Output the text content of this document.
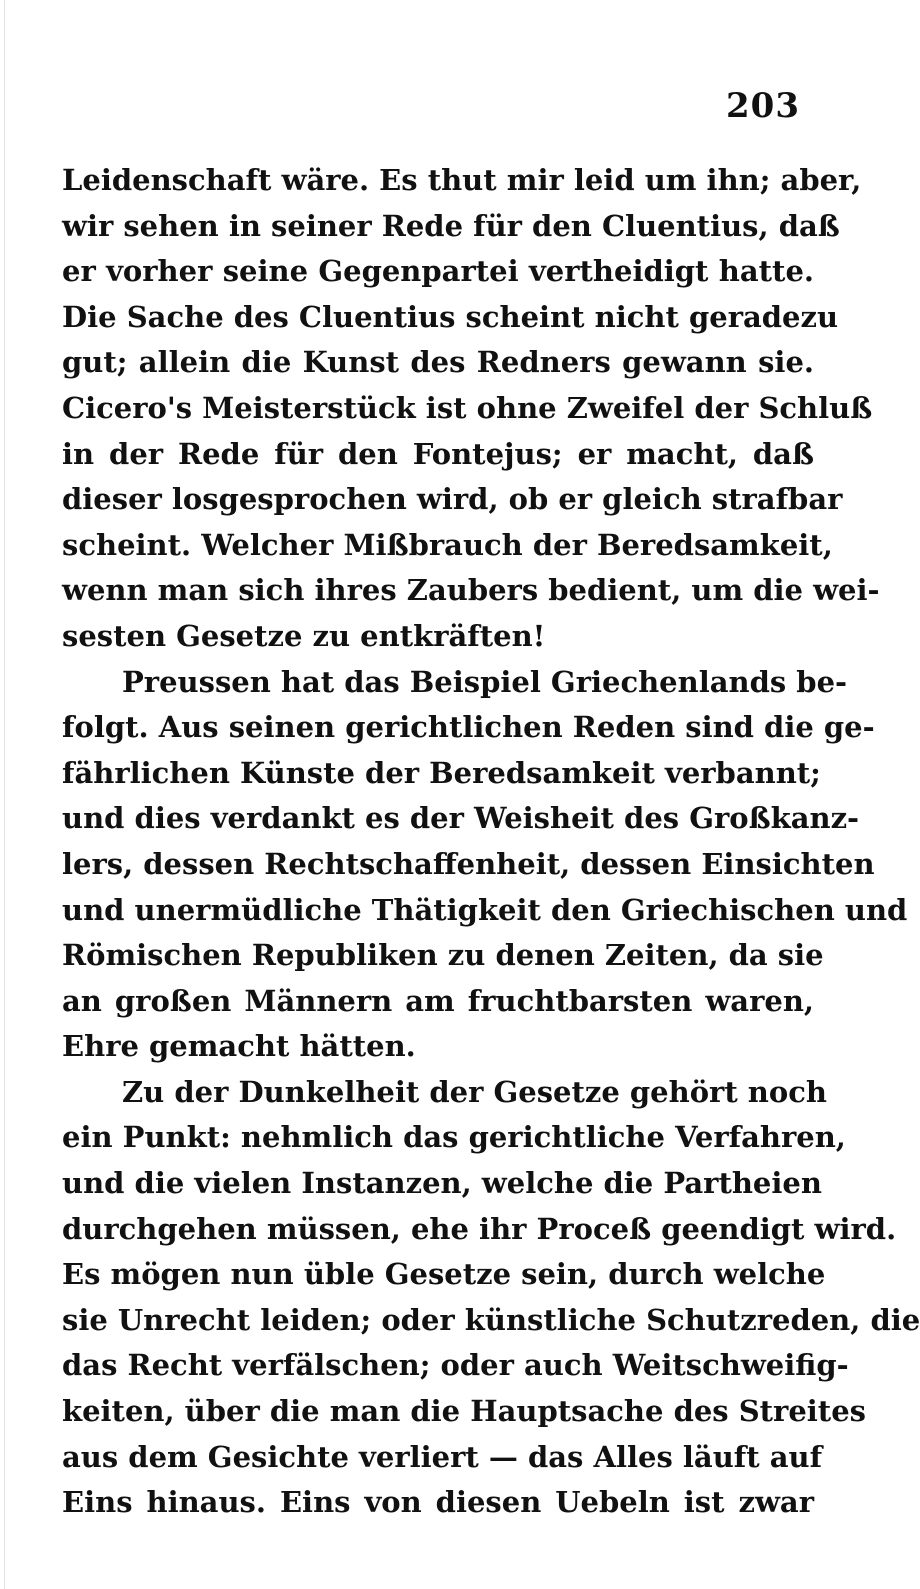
203
Leidenschaft wäre. Es thut mir leid um ihn; aber,
wir sehen in seiner Rede für den Cluentius, daß
er vorher seine Gegenpartei vertheidigt hatte.
Die Sache des Cluentius scheint nicht geradezu
gut; allein die Kunst des Redners gewann sie.
Cicero's Meisterstück ist ohne Zweifel der Schluß
in der Rede für den Fontejus; er macht, daß
dieser losgesprochen wird, ob er gleich strafbar
scheint. Welcher Mißbrauch der Beredsamkeit,
wenn man sich ihres Zaubers bedient, um die wei-
sesten Gesetze zu entkräften!
Preussen hat das Beispiel Griechenlands be-
folgt. Aus seinen gerichtlichen Reden sind die ge-
fährlichen Künste der Beredsamkeit verbannt;
und dies verdankt es der Weisheit des Großkanz-
lers, dessen Rechtschaffenheit, dessen Einsichten
und unermüdliche Thätigkeit den Griechischen und
Römischen Republiken zu denen Zeiten, da sie
an großen Männern am fruchtbarsten waren,
Ehre gemacht hätten.
Zu der Dunkelheit der Gesetze gehört noch
ein Punkt: nehmlich das gerichtliche Verfahren,
und die vielen Instanzen, welche die Partheien
durchgehen müssen, ehe ihr Proceß geendigt wird.
Es mögen nun üble Gesetze sein, durch welche
sie Unrecht leiden; oder künstliche Schutzreden, die
das Recht verfälschen; oder auch Weitschweifig-
keiten, über die man die Hauptsache des Streites
aus dem Gesichte verliert — das Alles läuft auf
Eins hinaus. Eins von diesen Uebeln ist zwar
